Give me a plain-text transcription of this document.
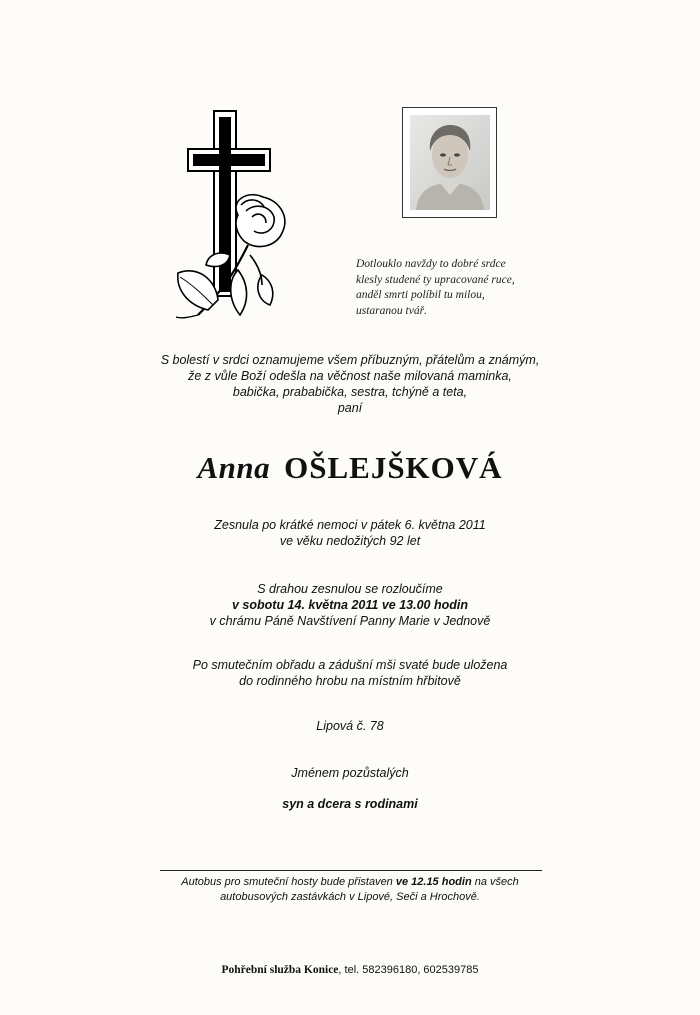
Dotlouklo navždy to dobré srdce
klesly studené ty upracované ruce,
anděl smrti políbil tu milou,
ustaranou tvář.
S bolestí v srdci oznamujeme všem příbuzným, přátelům a známým,
že z vůle Boží odešla na věčnost naše milovaná maminka,
babička, prababička, sestra, tchýně a teta,
paní
Anna OŠLEJŠKOVÁ
Zesnula po krátké nemoci v pátek 6. května 2011
ve věku nedožitých 92 let
S drahou zesnulou se rozloučíme
v sobotu 14. května 2011 ve 13.00 hodin
v chrámu Páně Navštívení Panny Marie v Jednově
Po smutečním obřadu a zádušní mši svaté bude uložena
do rodinného hrobu na místním hřbitově
Lipová č. 78
Jménem pozůstalých
syn a dcera s rodinami
Autobus pro smuteční hosty bude přistaven ve 12.15 hodin na všech
autobusových zastávkách v Lipové, Seči a Hrochově.
Pohřební služba Konice, tel. 582396180, 602539785
